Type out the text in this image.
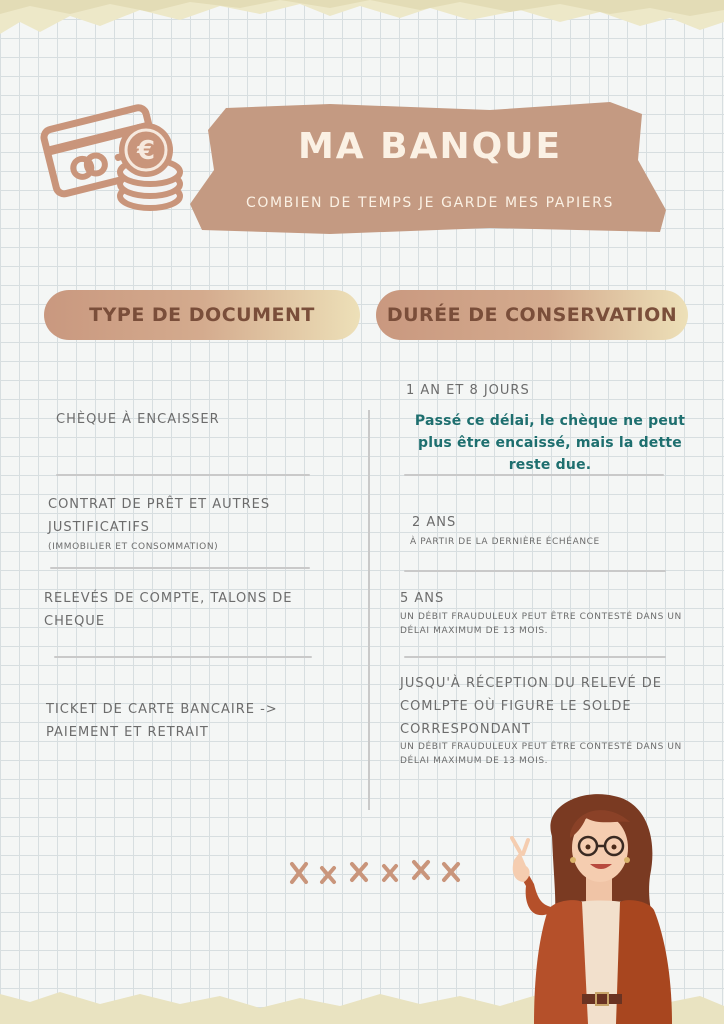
€	MA BANQUE
COMBIEN DE TEMPS JE GARDE MES PAPIERS
TYPE DE DOCUMENT	DURÉE DE CONSERVATION
CHÈQUE À ENCAISSER
1 AN ET 8 JOURS
Passé ce délai, le chèque ne peut plus être encaissé, mais la dette reste due.
CONTRAT DE PRÊT ET AUTRES JUSTIFICATIFS
(IMMOBILIER ET CONSOMMATION)
2 ANS
À PARTIR DE LA DERNIÈRE ÉCHÉANCE
RELEVÉS DE COMPTE, TALONS DE CHEQUE
5 ANS
UN DÉBIT FRAUDULEUX PEUT ÊTRE CONTESTÉ DANS UN DÉLAI MAXIMUM DE 13 MOIS.
TICKET DE CARTE BANCAIRE -> PAIEMENT ET RETRAIT
JUSQU'À RÉCEPTION DU RELEVÉ DE COMLPTE OÙ FIGURE LE SOLDE CORRESPONDANT
UN DÉBIT FRAUDULEUX PEUT ÊTRE CONTESTÉ DANS UN DÉLAI MAXIMUM DE 13 MOIS.
